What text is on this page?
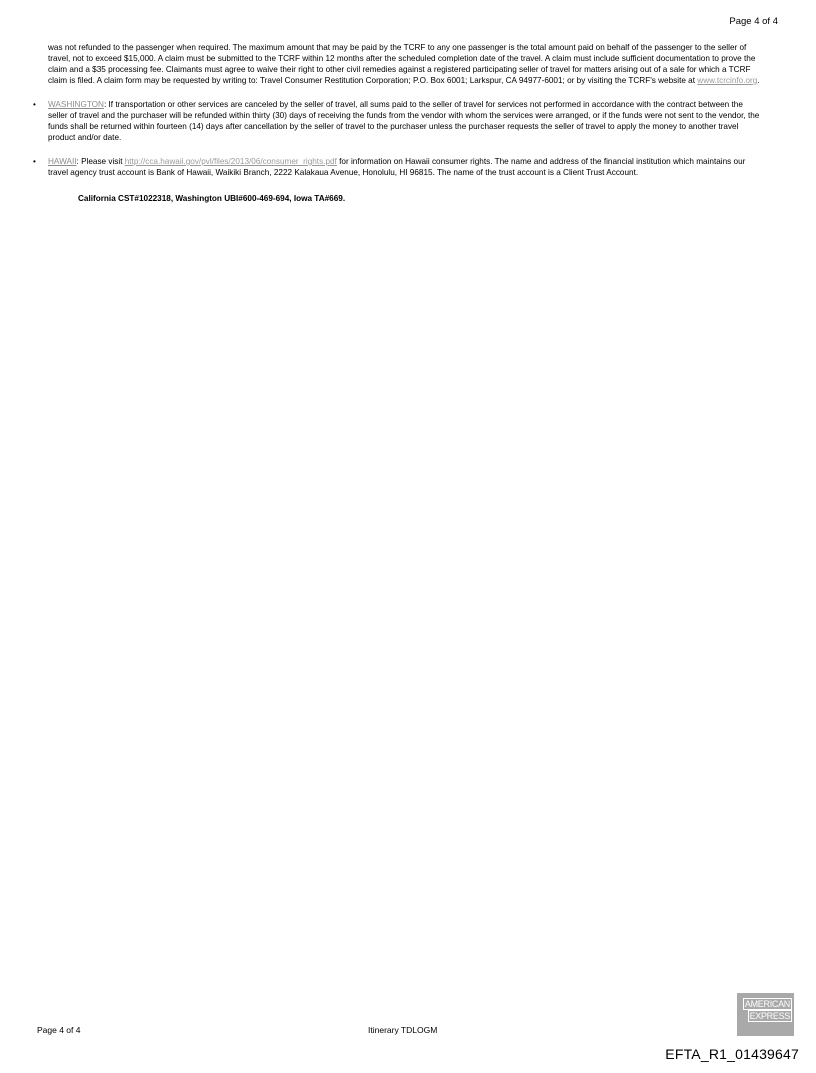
Page 4 of 4

was not refunded to the passenger when required. The maximum amount that may be paid by the TCRF to any one passenger is the total amount paid on behalf of the passenger to the seller of travel, not to exceed $15,000. A claim must be submitted to the TCRF within 12 months after the scheduled completion date of the travel. A claim must include sufficient documentation to prove the claim and a $35 processing fee. Claimants must agree to waive their right to other civil remedies against a registered participating seller of travel for matters arising out of a sale for which a TCRF claim is filed. A claim form may be requested by writing to: Travel Consumer Restitution Corporation; P.O. Box 6001; Larkspur, CA 94977-6001; or by visiting the TCRF's website at www.tcrcinfo.org.

• WASHINGTON: If transportation or other services are canceled by the seller of travel, all sums paid to the seller of travel for services not performed in accordance with the contract between the seller of travel and the purchaser will be refunded within thirty (30) days of receiving the funds from the vendor with whom the services were arranged, or if the funds were not sent to the vendor, the funds shall be returned within fourteen (14) days after cancellation by the seller of travel to the purchaser unless the purchaser requests the seller of travel to apply the money to another travel product and/or date.
• HAWAII: Please visit http://cca.hawaii.gov/pvl/files/2013/06/consumer_rights.pdf for information on Hawaii consumer rights. The name and address of the financial institution which maintains our travel agency trust account is Bank of Hawaii, Waikiki Branch, 2222 Kalakaua Avenue, Honolulu, HI 96815. The name of the trust account is a Client Trust Account.
California CST#1022318, Washington UBI#600-469-694, Iowa TA#669.
Page 4 of 4	Itinerary TDLOGM
AMERICAN
EXPRESS
EFTA_R1_01439647
